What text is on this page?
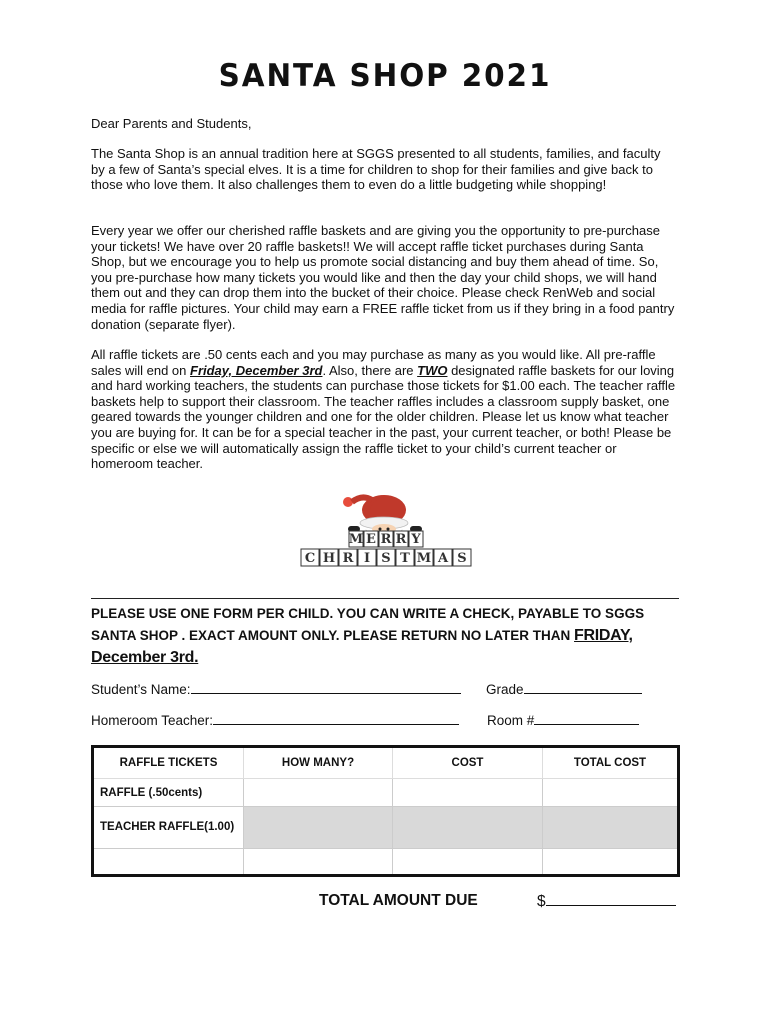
SANTA SHOP 2021
Dear Parents and Students,

The Santa Shop is an annual tradition here at SGGS presented to all students, families, and faculty by a few of Santa’s special elves. It is a time for children to shop for their families and give back to those who love them. It also challenges them to even do a little budgeting while shopping!

Every year we offer our cherished raffle baskets and are giving you the opportunity to pre-purchase your tickets! We have over 20 raffle baskets!! We will accept raffle ticket purchases during Santa Shop, but we encourage you to help us promote social distancing and buy them ahead of time. So, you pre-purchase how many tickets you would like and then the day your child shops, we will hand them out and they can drop them into the bucket of their choice. Please check RenWeb and social media for raffle pictures. Your child may earn a FREE raffle ticket from us if they bring in a food pantry donation (separate flyer).

All raffle tickets are .50 cents each and you may purchase as many as you would like. All pre-raffle sales will end on Friday, December 3rd. Also, there are TWO designated raffle baskets for our loving and hard working teachers, the students can purchase those tickets for $1.00 each. The teacher raffle baskets help to support their classroom. The teacher raffles includes a classroom supply basket, one geared towards the younger children and one for the older children. Please let us know what teacher you are buying for. It can be for a special teacher in the past, your current teacher, or both! Please be specific or else we will automatically assign the raffle ticket to your child’s current teacher or homeroom teacher.

M E R R Y
C H R I S T M A S
PLEASE USE ONE FORM PER CHILD. YOU CAN WRITE A CHECK, PAYABLE TO SGGS SANTA SHOP . EXACT AMOUNT ONLY. PLEASE RETURN NO LATER THAN FRIDAY, December 3rd.
Student’s Name:	Grade
Homeroom Teacher:	Room #
RAFFLE TICKETS	HOW MANY?	COST	TOTAL COST
RAFFLE (.50cents)			
TEACHER RAFFLE(1.00)			

TOTAL AMOUNT DUE	$
